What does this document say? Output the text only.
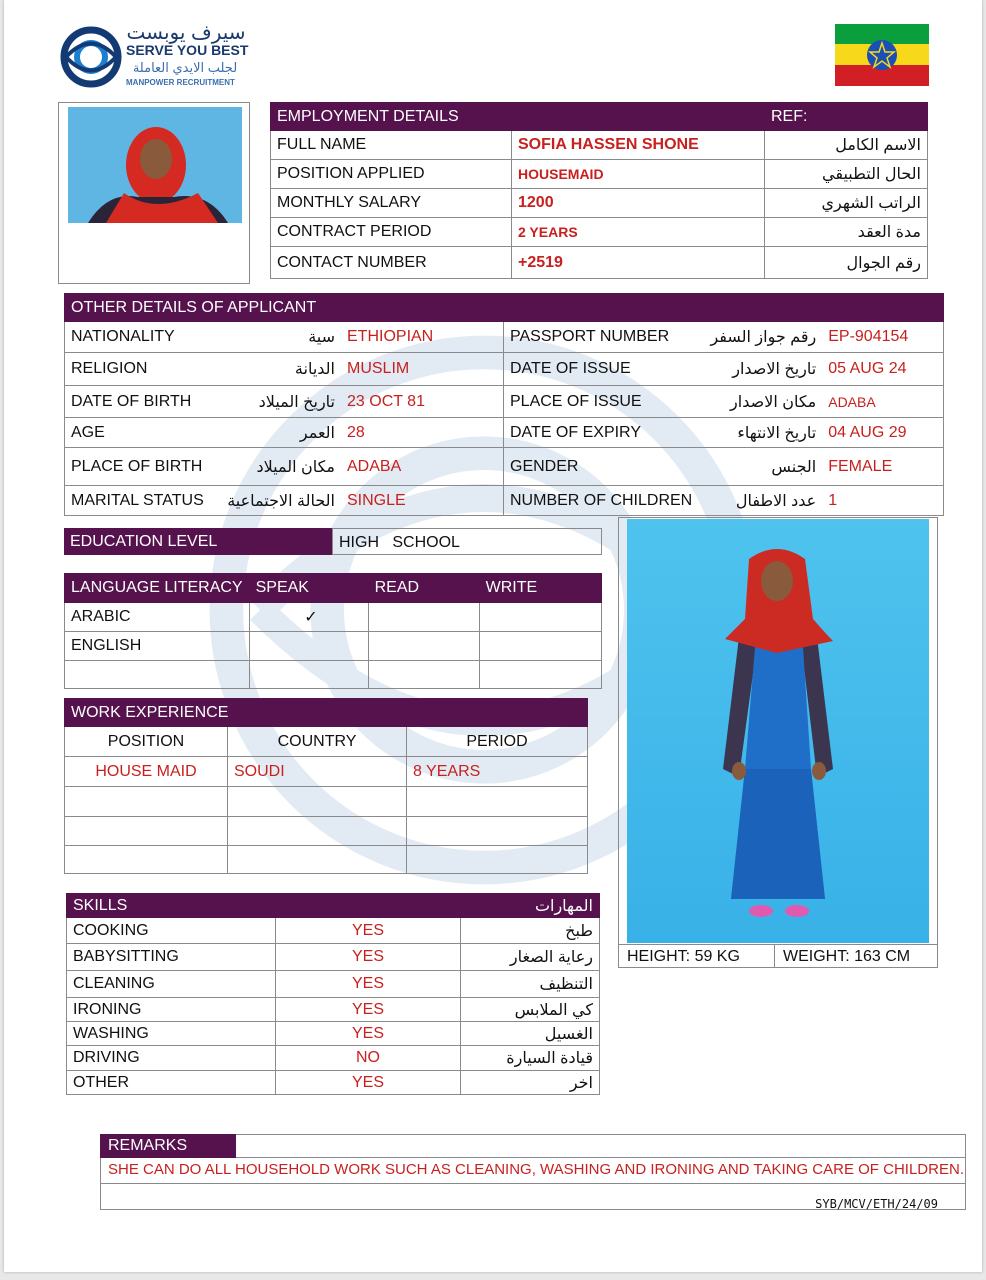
سيرف يوبست
SERVE YOU BEST
لجلب الايدي العاملة
MANPOWER RECRUITMENT
EMPLOYMENT DETAILS		REF:
FULL NAME	SOFIA HASSEN SHONE	الاسم الكامل
POSITION APPLIED	HOUSEMAID	الحال التطبيقي
MONTHLY SALARY	1200	الراتب الشهري
CONTRACT PERIOD	2 YEARS	مدة العقد
CONTACT NUMBER	+2519	رقم الجوال
OTHER DETAILS OF APPLICANT					
NATIONALITY	سية	ETHIOPIAN	PASSPORT NUMBER	رقم جواز السفر	EP-904154
RELIGION	الديانة	MUSLIM	DATE OF ISSUE	تاريخ الاصدار	05 AUG 24
DATE OF BIRTH	تاريخ الميلاد	23 OCT 81	PLACE OF ISSUE	مكان الاصدار	ADABA
AGE	العمر	28	DATE OF EXPIRY	تاريخ الانتهاء	04 AUG 29
PLACE OF BIRTH	مكان الميلاد	ADABA	GENDER	الجنس	FEMALE
MARITAL STATUS	الحالة الاجتماعية	SINGLE	NUMBER OF CHILDREN	عدد الاطفال	1
EDUCATION LEVEL	HIGH   SCHOOL
LANGUAGE LITERACY	SPEAK	READ	WRITE
ARABIC	✓		
ENGLISH			

WORK EXPERIENCE		
POSITION	COUNTRY	PERIOD
HOUSE MAID	SOUDI	8 YEARS

SKILLS		المهارات
COOKING	YES	طبخ
BABYSITTING	YES	رعاية الصغار
CLEANING	YES	التنظيف
IRONING	YES	كي الملابس
WASHING	YES	الغسيل
DRIVING	NO	قيادة السيارة
OTHER	YES	اخر
HEIGHT: 59 KG	WEIGHT: 163 CM
REMARKS
SHE CAN DO ALL HOUSEHOLD WORK SUCH AS CLEANING, WASHING AND IRONING AND TAKING CARE OF CHILDREN.
SYB/MCV/ETH/24/09
